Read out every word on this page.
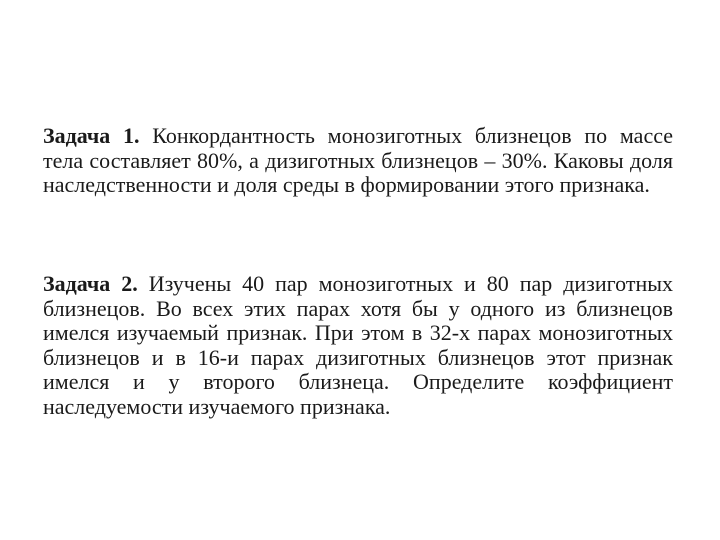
Задача 1. Конкордантность монозиготных близнецов по массе тела составляет 80%, а дизиготных близнецов – 30%. Каковы доля наследственности и доля среды в формировании этого признака.

Задача 2. Изучены 40 пар монозиготных и 80 пар дизиготных близнецов. Во всех этих парах хотя бы у одного из близнецов имелся изучаемый признак. При этом в 32-х парах монозиготных близнецов и в 16-и парах дизиготных близнецов этот признак имелся и у второго близнеца. Определите коэффициент наследуемости изучаемого признака.
